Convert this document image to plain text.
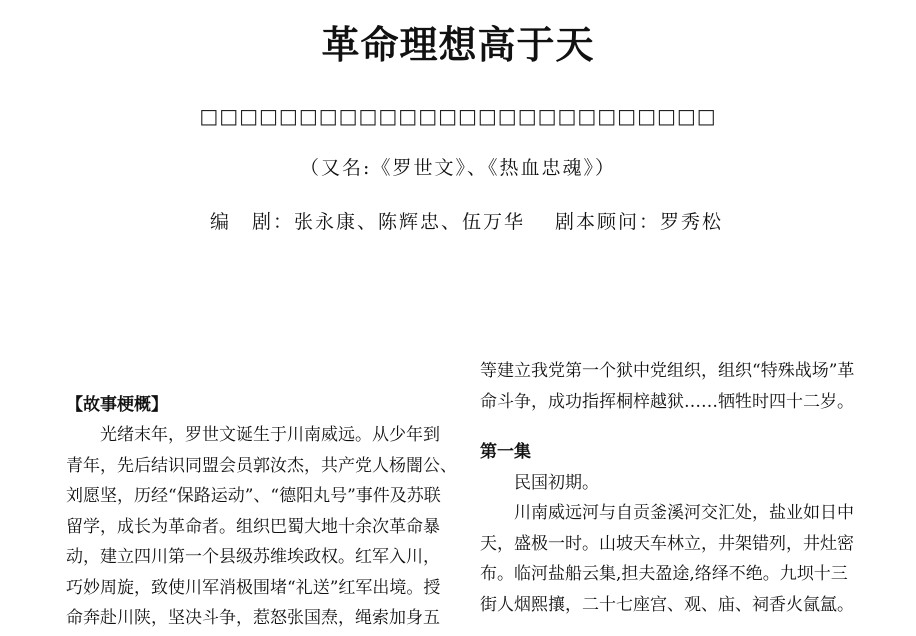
革命理想高于天
□□□□□□□□□□□□□□□□□□□□□□□□□□
（又名:《罗世文》、《热血忠魂》）
编　剧：张永康、陈辉忠、伍万华 剧本顾问：罗秀松
【故事梗概】
　　光绪末年，罗世文诞生于川南威远。从少年到
青年，先后结识同盟会员郭汝杰，共产党人杨闇公、
刘愿坚，历经“保路运动”、“德阳丸号”事件及苏联
留学，成长为革命者。组织巴蜀大地十余次革命暴
动，建立四川第一个县级苏维埃政权。红军入川，
巧妙周旋，致使川军消极围堵“礼送”红军出境。授
命奔赴川陕，坚决斗争，惹怒张国焘，绳索加身五
等建立我党第一个狱中党组织，组织“特殊战场”革
命斗争，成功指挥桐梓越狱……牺牲时四十二岁。
第一集
　　民国初期。
　　川南威远河与自贡釜溪河交汇处，盐业如日中
天，盛极一时。山坡天车林立，井架错列，井灶密
布。临河盐船云集,担夫盈途,络绎不绝。九坝十三
街人烟熙攘，二十七座宫、观、庙、祠香火氤氲。
